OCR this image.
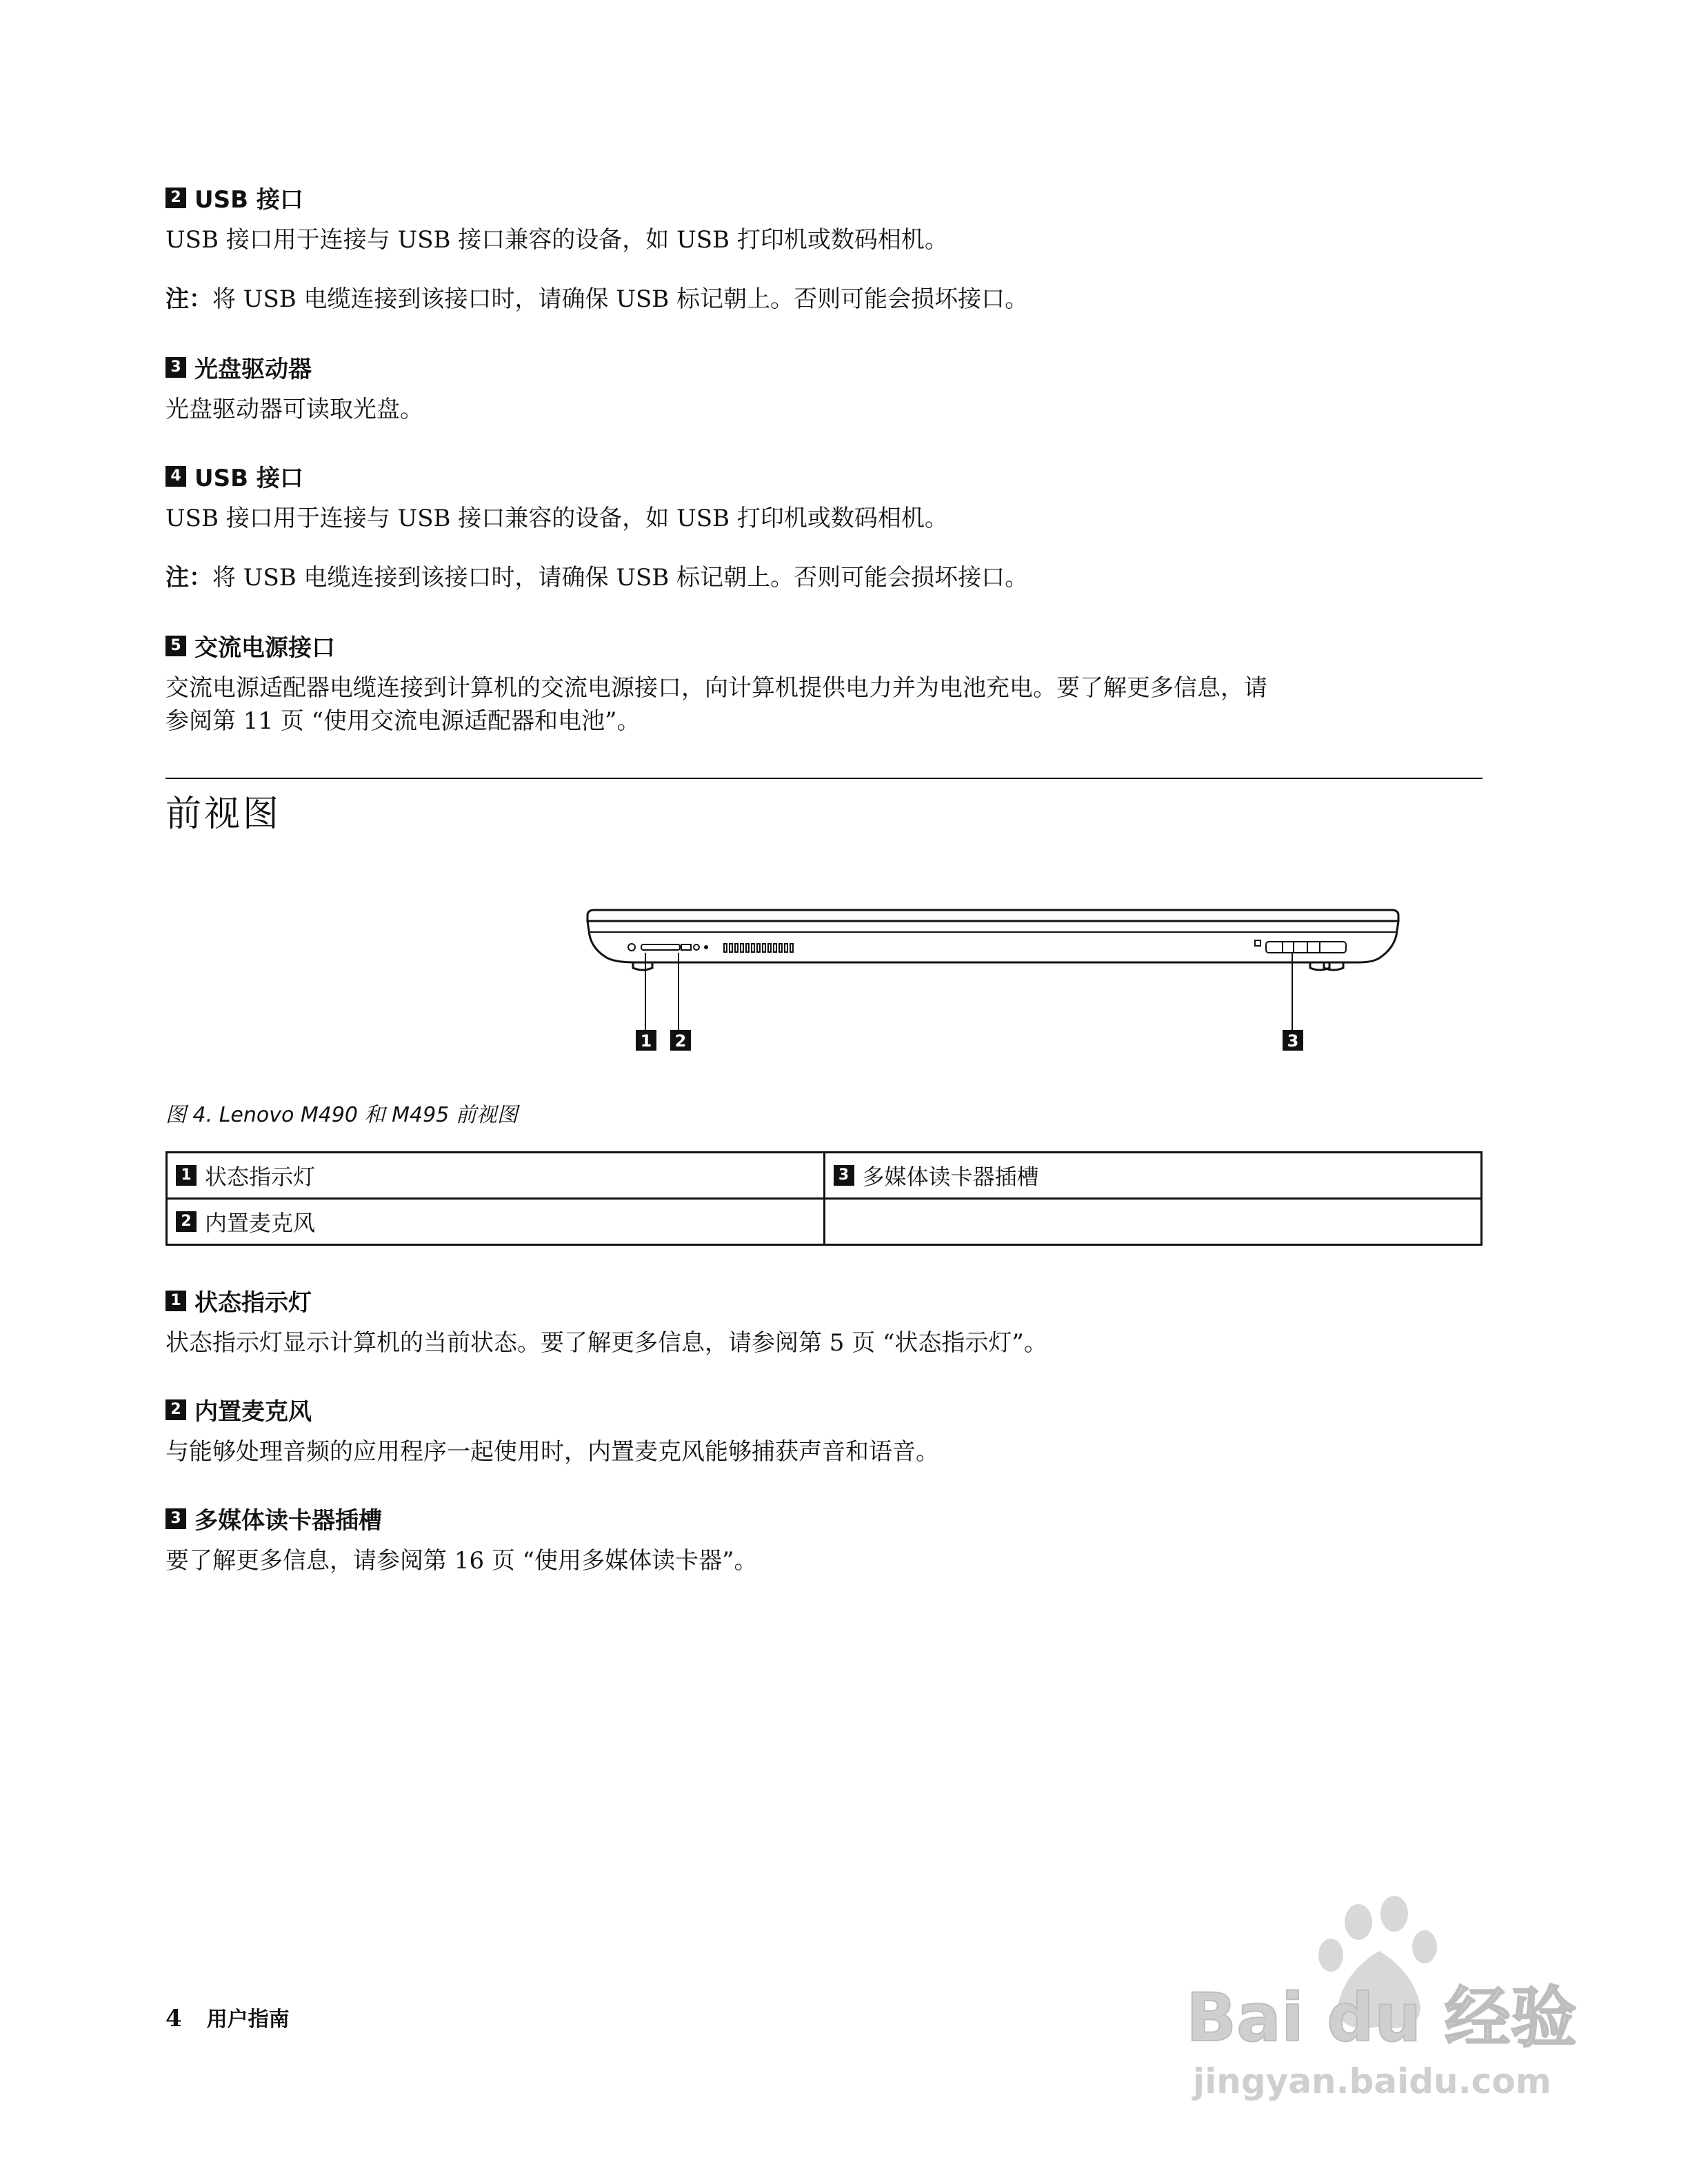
2 USB 接口
USB 接口用于连接与 USB 接口兼容的设备，如 USB 打印机或数码相机。
注：将 USB 电缆连接到该接口时，请确保 USB 标记朝上。否则可能会损坏接口。
3 光盘驱动器
光盘驱动器可读取光盘。
4 USB 接口
USB 接口用于连接与 USB 接口兼容的设备，如 USB 打印机或数码相机。
注：将 USB 电缆连接到该接口时，请确保 USB 标记朝上。否则可能会损坏接口。
5 交流电源接口
交流电源适配器电缆连接到计算机的交流电源接口，向计算机提供电力并为电池充电。要了解更多信息，请
参阅第 11 页 “使用交流电源适配器和电池”。
前视图
1 2	3
图 4. Lenovo M490 和 M495 前视图
1 状态指示灯	3 多媒体读卡器插槽

2 内置麦克风	

1 状态指示灯
状态指示灯显示计算机的当前状态。要了解更多信息，请参阅第 5 页 “状态指示灯”。
2 内置麦克风
与能够处理音频的应用程序一起使用时，内置麦克风能够捕获声音和语音。
3 多媒体读卡器插槽
要了解更多信息，请参阅第 16 页 “使用多媒体读卡器”。
4 用户指南	Bai du 经验
jingyan.baidu.com
